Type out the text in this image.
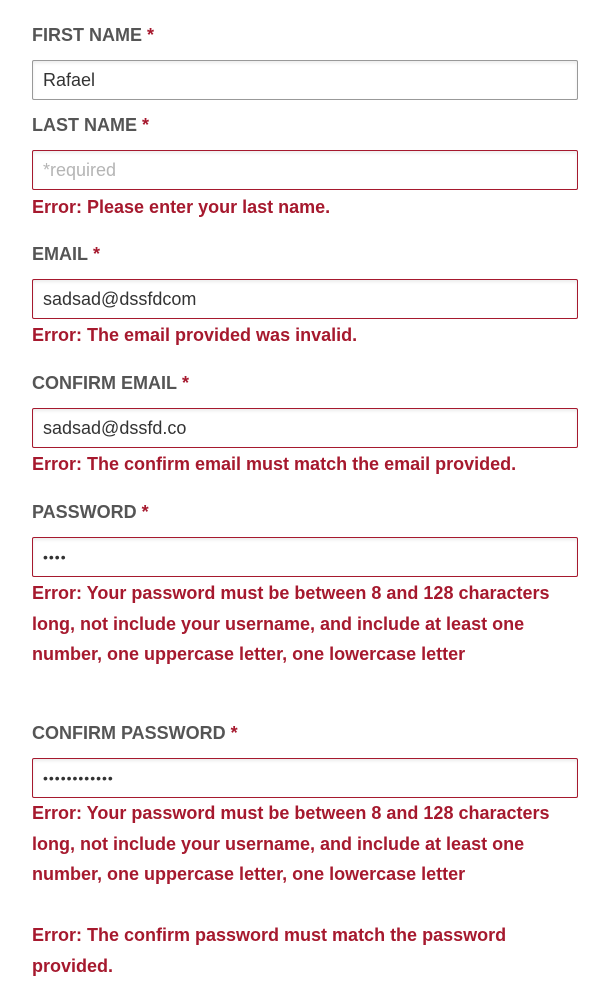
FIRST NAME *
Rafael
LAST NAME *
*required

Error: Please enter your last name.

EMAIL *
sadsad@dssfdcom

Error: The email provided was invalid.

CONFIRM EMAIL *
sadsad@dssfd.co

Error: The confirm email must match the email provided.

PASSWORD *

Error: Your password must be between 8 and 128 characters long, not include your username, and include at least one number, one uppercase letter, one lowercase letter

CONFIRM PASSWORD *

Error: Your password must be between 8 and 128 characters long, not include your username, and include at least one number, one uppercase letter, one lowercase letter

Error: The confirm password must match the password provided.
